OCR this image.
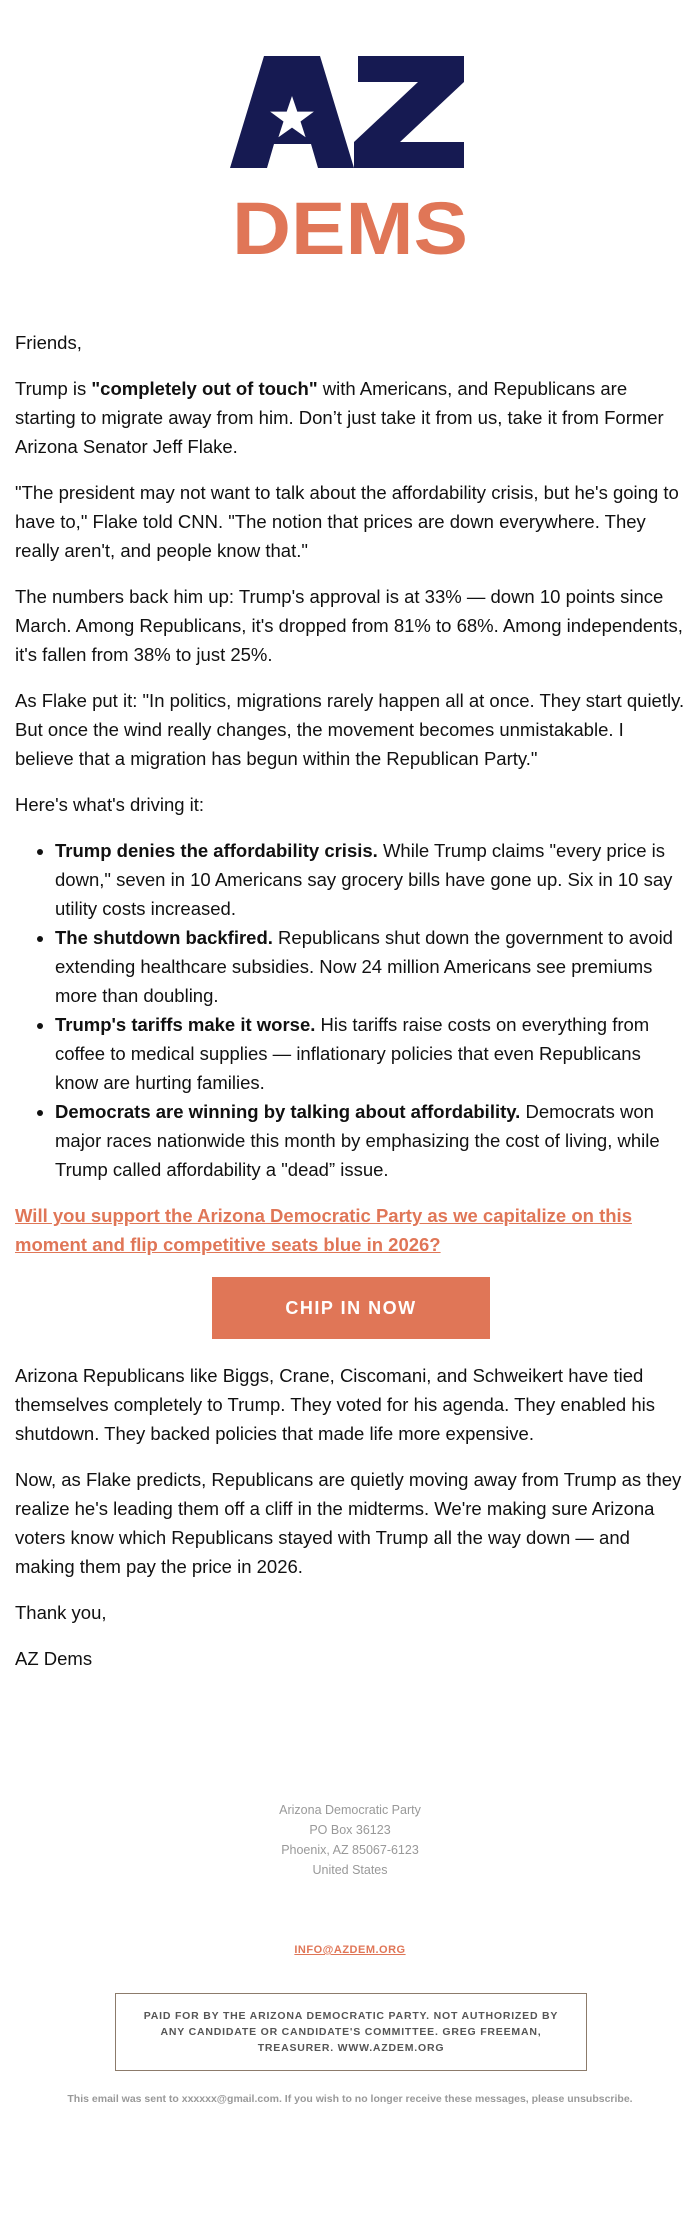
DEMS

Friends,

Trump is "completely out of touch" with Americans, and Republicans are starting to migrate away from him. Don’t just take it from us, take it from Former Arizona Senator Jeff Flake.

"The president may not want to talk about the affordability crisis, but he's going to have to," Flake told CNN. "The notion that prices are down everywhere. They really aren't, and people know that."

The numbers back him up: Trump's approval is at 33% — down 10 points since March. Among Republicans, it's dropped from 81% to 68%. Among independents, it's fallen from 38% to just 25%.

As Flake put it: "In politics, migrations rarely happen all at once. They start quietly. But once the wind really changes, the movement becomes unmistakable. I believe that a migration has begun within the Republican Party."

Here's what's driving it:

• Trump denies the affordability crisis. While Trump claims "every price is down," seven in 10 Americans say grocery bills have gone up. Six in 10 say utility costs increased.
• The shutdown backfired. Republicans shut down the government to avoid extending healthcare subsidies. Now 24 million Americans see premiums more than doubling.
• Trump's tariffs make it worse. His tariffs raise costs on everything from coffee to medical supplies — inflationary policies that even Republicans know are hurting families.
• Democrats are winning by talking about affordability. Democrats won major races nationwide this month by emphasizing the cost of living, while Trump called affordability a "dead” issue.
Will you support the Arizona Democratic Party as we capitalize on this moment and flip competitive seats blue in 2026?
CHIP IN NOW

Arizona Republicans like Biggs, Crane, Ciscomani, and Schweikert have tied themselves completely to Trump. They voted for his agenda. They enabled his shutdown. They backed policies that made life more expensive.

Now, as Flake predicts, Republicans are quietly moving away from Trump as they realize he's leading them off a cliff in the midterms. We're making sure Arizona voters know which Republicans stayed with Trump all the way down — and making them pay the price in 2026.

Thank you,

AZ Dems

Arizona Democratic Party
PO Box 36123
Phoenix, AZ 85067-6123
United States
INFO@AZDEM.ORG
PAID FOR BY THE ARIZONA DEMOCRATIC PARTY. NOT AUTHORIZED BY ANY CANDIDATE OR CANDIDATE'S COMMITTEE. GREG FREEMAN, TREASURER. WWW.AZDEM.ORG
This email was sent to xxxxxx@gmail.com. If you wish to no longer receive these messages, please unsubscribe.
